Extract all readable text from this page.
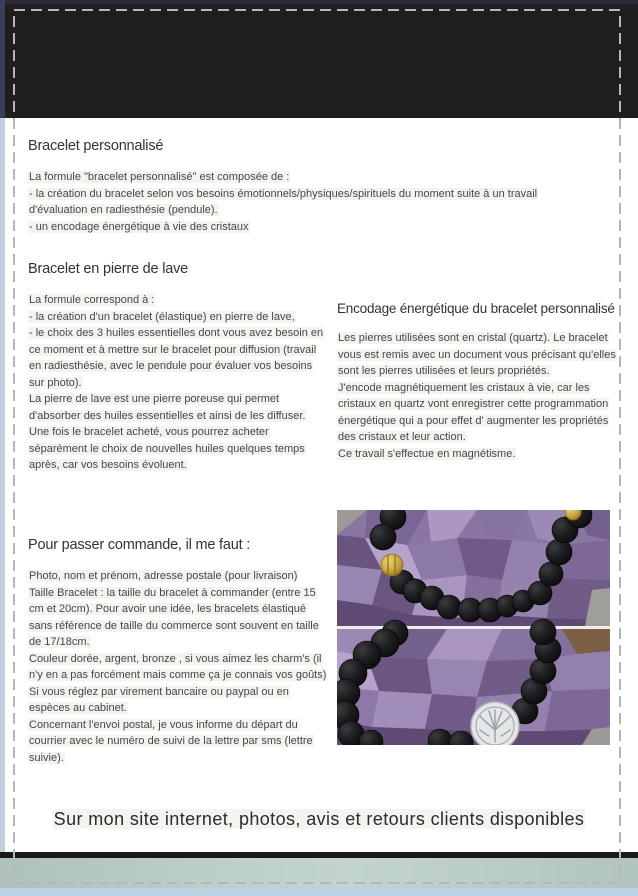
Bracelet personnalisé

La formule "bracelet personnalisé" est composée de :

- la création du bracelet selon vos besoins émotionnels/physiques/spirituels du moment suite à un travail d'évaluation en radiesthésie (pendule).

- un encodage énergétique à vie des cristaux

Bracelet en pierre de lave

La formule correspond à :

- la création d'un bracelet (élastique) en pierre de lave,

- le choix des 3 huiles essentielles dont vous avez besoin en ce moment et à mettre sur le bracelet pour diffusion (travail en radiesthésie, avec le pendule pour évaluer vos besoins sur photo).

La pierre de lave est une pierre poreuse qui permet d'absorber des huiles essentielles et ainsi de les diffuser.

Une fois le bracelet acheté, vous pourrez acheter séparément le choix de nouvelles huiles quelques temps après, car vos besoins évoluent.

Encodage énergétique du bracelet personnalisé

Les pierres utilisées sont en cristal (quartz). Le bracelet vous est remis avec un document vous précisant qu'elles sont les pierres utilisées et leurs propriétés.

J'encode magnétiquement les cristaux à vie, car les cristaux en quartz vont enregistrer cette programmation énergétique qui a pour effet d' augmenter les propriétés des cristaux et leur action.

Ce travail s'effectue en magnétisme.

Pour passer commande, il me faut :

Photo, nom et prénom, adresse postale (pour livraison)

Taille Bracelet : la taille du bracelet à commander (entre 15 cm et 20cm). Pour avoir une idée, les bracelets élastiqué sans référence de taille du commerce sont souvent en taille de 17/18cm.

Couleur dorée, argent, bronze , si vous aimez les charm's (il n'y en a pas forcément mais comme ça je connais vos goûts)

Si vous réglez par virement bancaire ou paypal ou en espèces au cabinet.

Concernant l'envoi postal, je vous informe du départ du courrier avec le numéro de suivi de la lettre par sms (lettre suivie).

Sur mon site internet, photos, avis et retours clients disponibles
